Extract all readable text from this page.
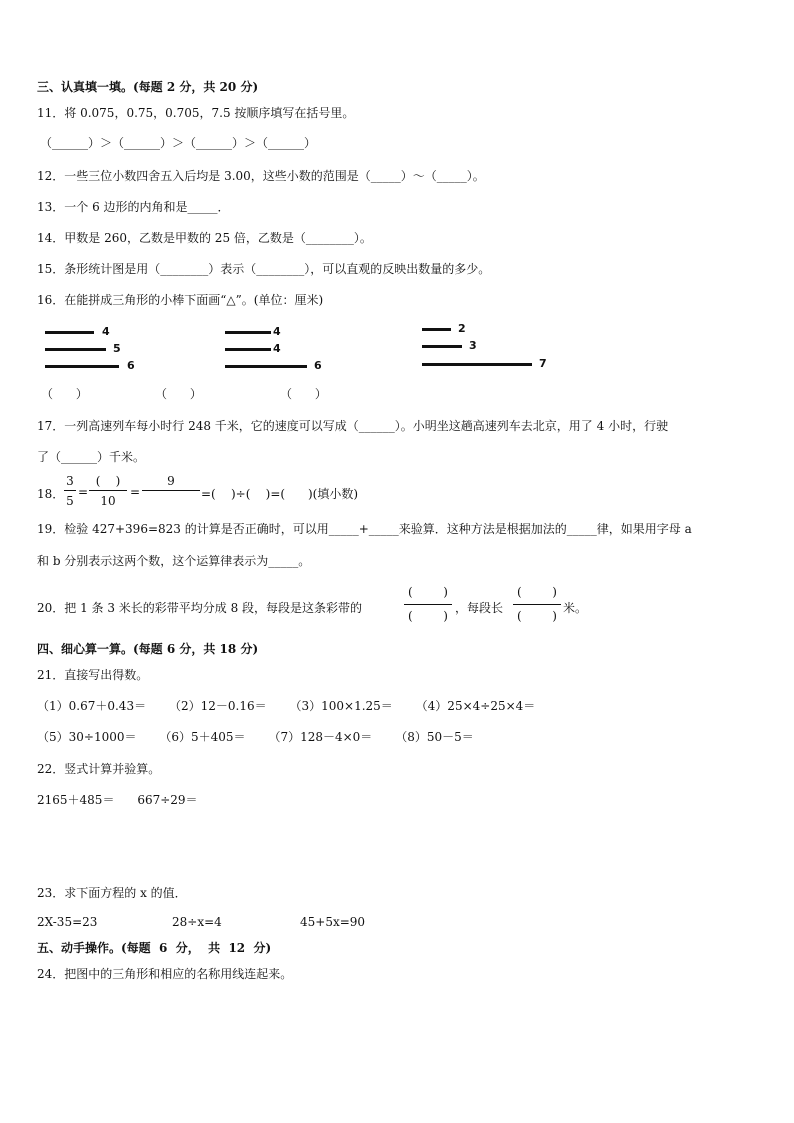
三、认真填一填。(每题 2 分，共 20 分)
11．将 0.075，0.75，0.705，7.5 按顺序填写在括号里。
（______）＞（______）＞（______）＞（______）
12．一些三位小数四舍五入后均是 3.00，这些小数的范围是（_____）～（_____）。
13．一个 6 边形的内角和是_____．
14．甲数是 260，乙数是甲数的 25 倍，乙数是（________）。
15．条形统计图是用（________）表示（________），可以直观的反映出数量的多少。
16．在能拼成三角形的小棒下面画“△”。(单位：厘米)
4
5
6
（      ）
4
4
6
（      ）
2
3
7
（      ）
17．一列高速列车每小时行 248 千米，它的速度可以写成（______）。小明坐这趟高速列车去北京，用了 4 小时，行驶
了（______）千米。
18．
3
5
=
(    )
10
=
9
=(    )÷(    )=(      )(填小数)
19．检验 427+396=823 的计算是否正确时，可以用_____+_____来验算．这种方法是根据加法的_____律，如果用字母 a
和 b 分别表示这两个数，这个运算律表示为_____。
20．把 1 条 3 米长的彩带平均分成 8 段，每段是这条彩带的
(        )
(        )
，每段长
(        )
(        )
米。
四、细心算一算。(每题 6 分，共 18 分)
21．直接写出得数。
（1）0.67＋0.43＝      （2）12－0.16＝      （3）100×1.25＝      （4）25×4÷25×4＝
（5）30÷1000＝      （6）5＋405＝      （7）128－4×0＝      （8）50－5＝
22．竖式计算并验算。
2165＋485＝      667÷29＝
23．求下面方程的 x 的值．
2X-35=23	28÷x=4	45+5x=90
五、动手操作。(每题  6  分，  共  12  分)
24．把图中的三角形和相应的名称用线连起来。
